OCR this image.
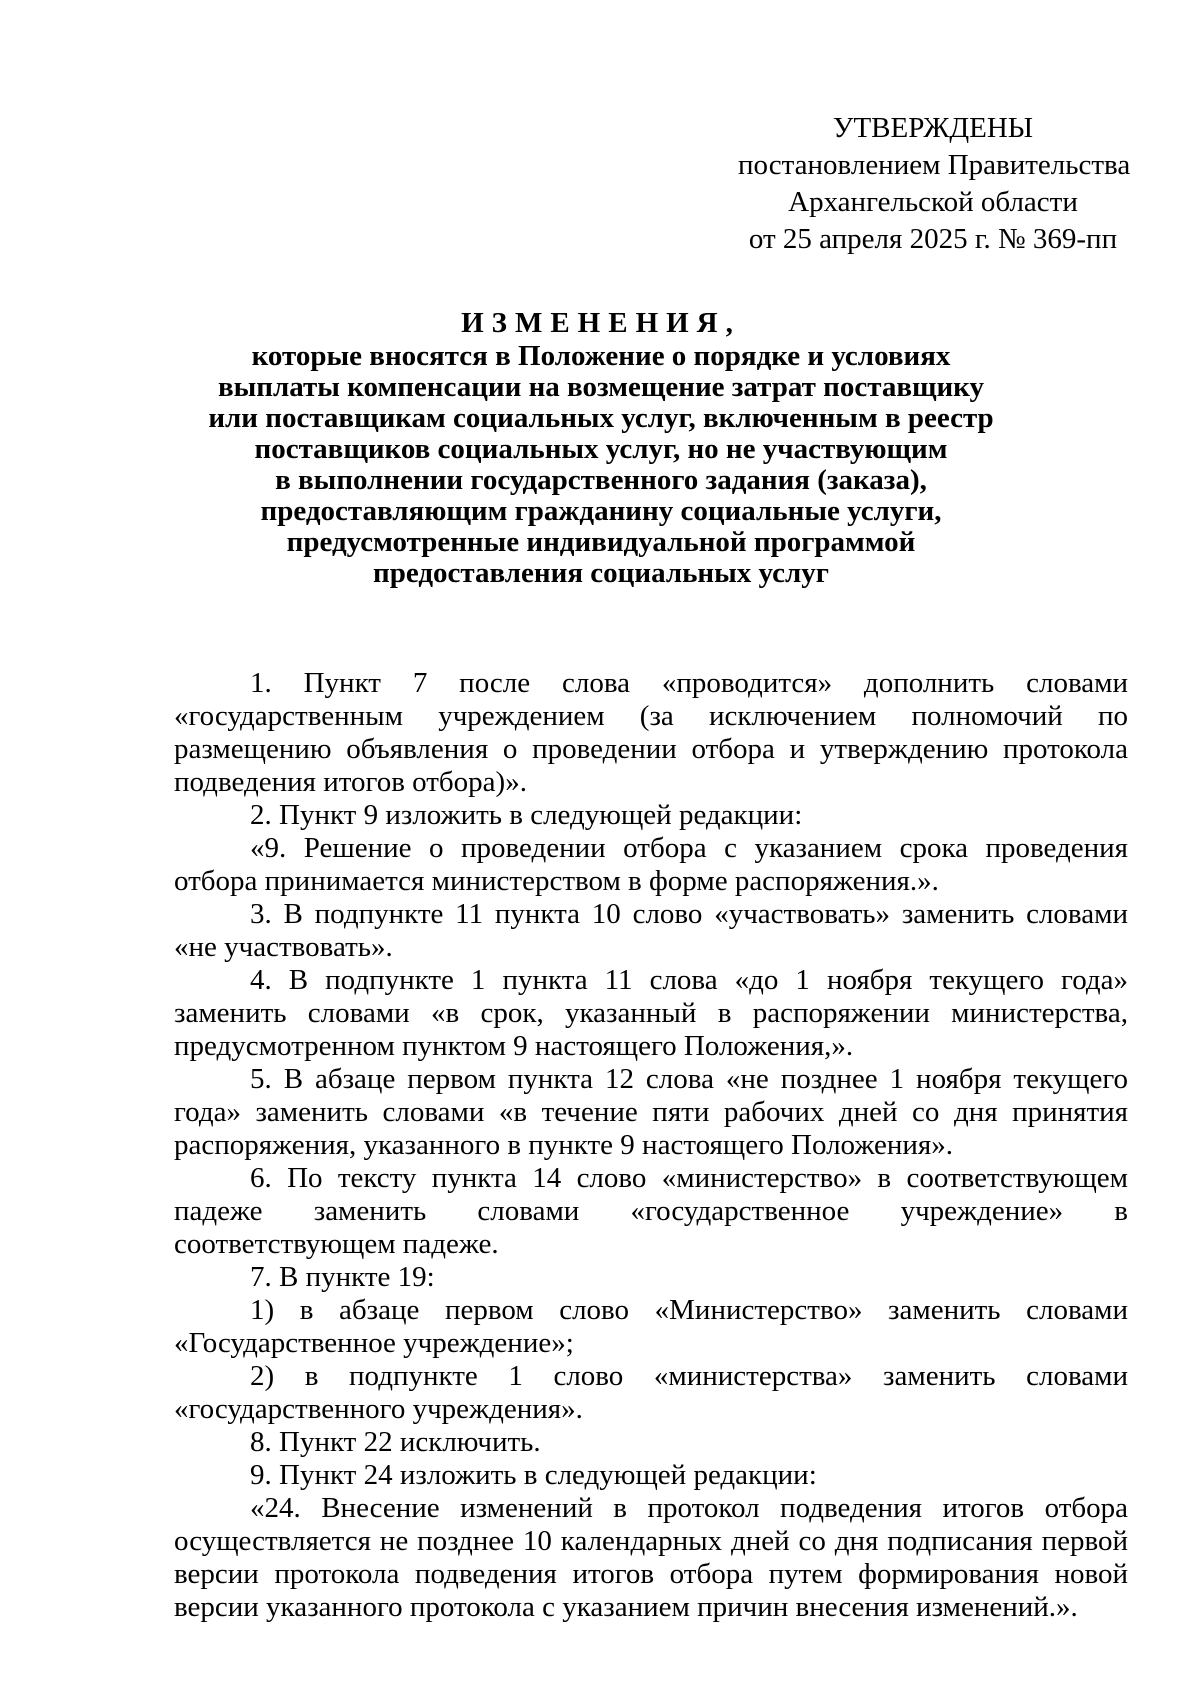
УТВЕРЖДЕНЫ
постановлением Правительства
Архангельской области
от 25 апреля 2025 г. № 369-пп
ИЗМЕНЕНИЯ,
которые вносятся в Положение о порядке и условиях
выплаты компенсации на возмещение затрат поставщику
или поставщикам социальных услуг, включенным в реестр
поставщиков социальных услуг, но не участвующим
в выполнении государственного задания (заказа),
предоставляющим гражданину социальные услуги,
предусмотренные индивидуальной программой
предоставления социальных услуг

1. Пункт 7 после слова «проводится» дополнить словами «государственным учреждением (за исключением полномочий по размещению объявления о проведении отбора и утверждению протокола подведения итогов отбора)».

2. Пункт 9 изложить в следующей редакции:

«9. Решение о проведении отбора с указанием срока проведения отбора принимается министерством в форме распоряжения.».

3. В подпункте 11 пункта 10 слово «участвовать» заменить словами «не участвовать».

4. В подпункте 1 пункта 11 слова «до 1 ноября текущего года» заменить словами «в срок, указанный в распоряжении министерства, предусмотренном пунктом 9 настоящего Положения,».

5. В абзаце первом пункта 12 слова «не позднее 1 ноября текущего года» заменить словами «в течение пяти рабочих дней со дня принятия распоряжения, указанного в пункте 9 настоящего Положения».

6. По тексту пункта 14 слово «министерство» в соответствующем падеже заменить словами «государственное учреждение» в соответствующем падеже.

7. В пункте 19:

1) в абзаце первом слово «Министерство» заменить словами «Государственное учреждение»;

2) в подпункте 1 слово «министерства» заменить словами «государственного учреждения».

8. Пункт 22 исключить.

9. Пункт 24 изложить в следующей редакции:

«24. Внесение изменений в протокол подведения итогов отбора осуществляется не позднее 10 календарных дней со дня подписания первой версии протокола подведения итогов отбора путем формирования новой версии указанного протокола с указанием причин внесения изменений.».
